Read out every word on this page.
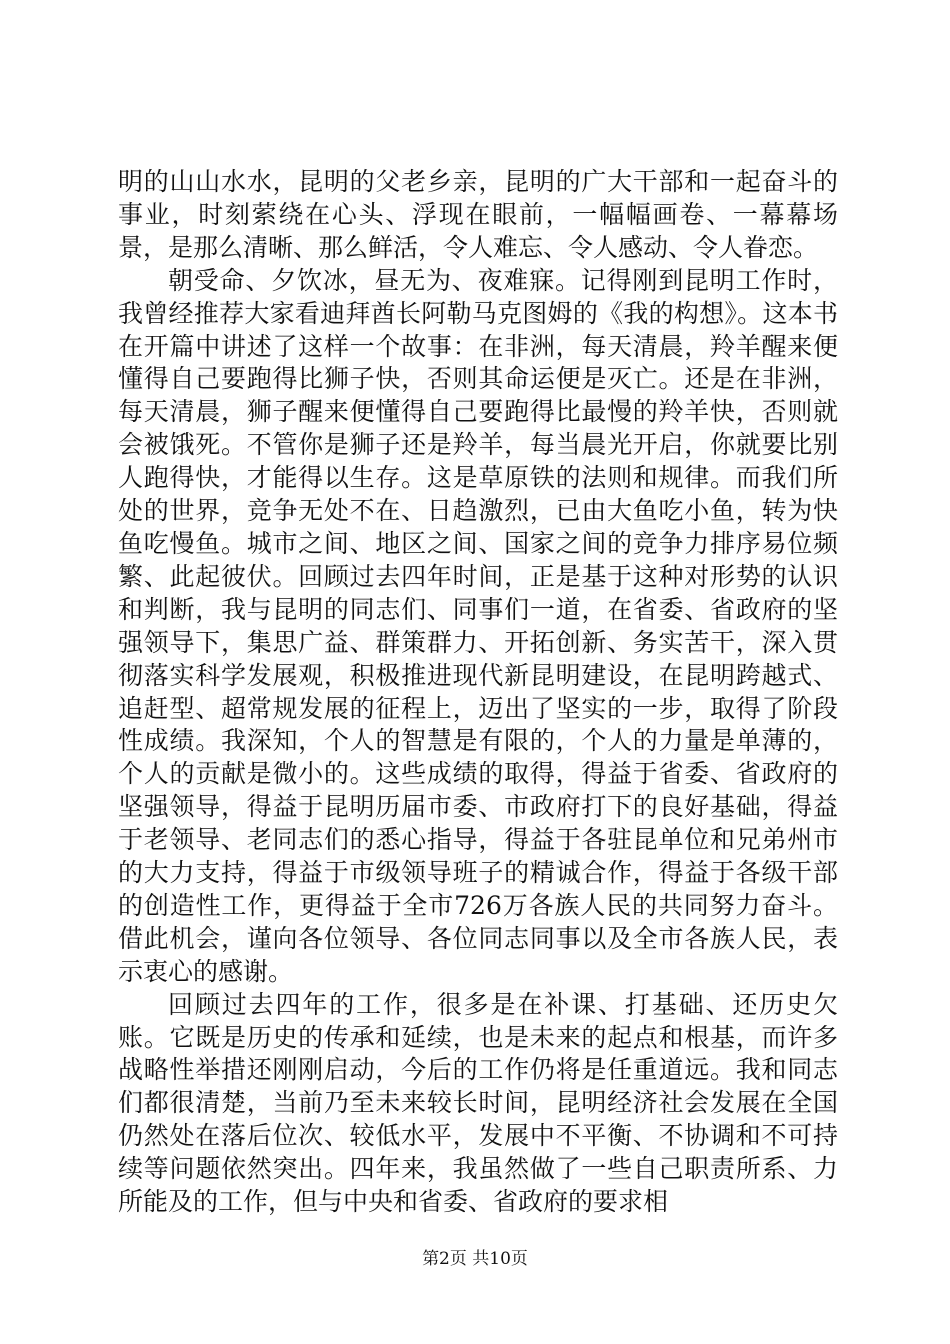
明的山山水水，昆明的父老乡亲，昆明的广大干部和一起奋斗的事业，时刻萦绕在心头、浮现在眼前，一幅幅画卷、一幕幕场景，是那么清晰、那么鲜活，令人难忘、令人感动、令人眷恋。

朝受命、夕饮冰，昼无为、夜难寐。记得刚到昆明工作时，我曾经推荐大家看迪拜酋长阿勒马克图姆的《我的构想》。这本书在开篇中讲述了这样一个故事：在非洲，每天清晨，羚羊醒来便懂得自己要跑得比狮子快，否则其命运便是灭亡。还是在非洲，每天清晨，狮子醒来便懂得自己要跑得比最慢的羚羊快，否则就会被饿死。不管你是狮子还是羚羊，每当晨光开启，你就要比别人跑得快，才能得以生存。这是草原铁的法则和规律。而我们所处的世界，竞争无处不在、日趋激烈，已由大鱼吃小鱼，转为快鱼吃慢鱼。城市之间、地区之间、国家之间的竞争力排序易位频繁、此起彼伏。回顾过去四年时间，正是基于这种对形势的认识和判断，我与昆明的同志们、同事们一道，在省委、省政府的坚强领导下，集思广益、群策群力、开拓创新、务实苦干，深入贯彻落实科学发展观，积极推进现代新昆明建设，在昆明跨越式、追赶型、超常规发展的征程上，迈出了坚实的一步，取得了阶段性成绩。我深知，个人的智慧是有限的，个人的力量是单薄的，个人的贡献是微小的。这些成绩的取得，得益于省委、省政府的坚强领导，得益于昆明历届市委、市政府打下的良好基础，得益于老领导、老同志们的悉心指导，得益于各驻昆单位和兄弟州市的大力支持，得益于市级领导班子的精诚合作，得益于各级干部的创造性工作，更得益于全市726万各族人民的共同努力奋斗。借此机会，谨向各位领导、各位同志同事以及全市各族人民，表示衷心的感谢。

回顾过去四年的工作，很多是在补课、打基础、还历史欠账。它既是历史的传承和延续，也是未来的起点和根基，而许多战略性举措还刚刚启动，今后的工作仍将是任重道远。我和同志们都很清楚，当前乃至未来较长时间，昆明经济社会发展在全国仍然处在落后位次、较低水平，发展中不平衡、不协调和不可持续等问题依然突出。四年来，我虽然做了一些自己职责所系、力所能及的工作，但与中央和省委、省政府的要求相

第2页 共10页
